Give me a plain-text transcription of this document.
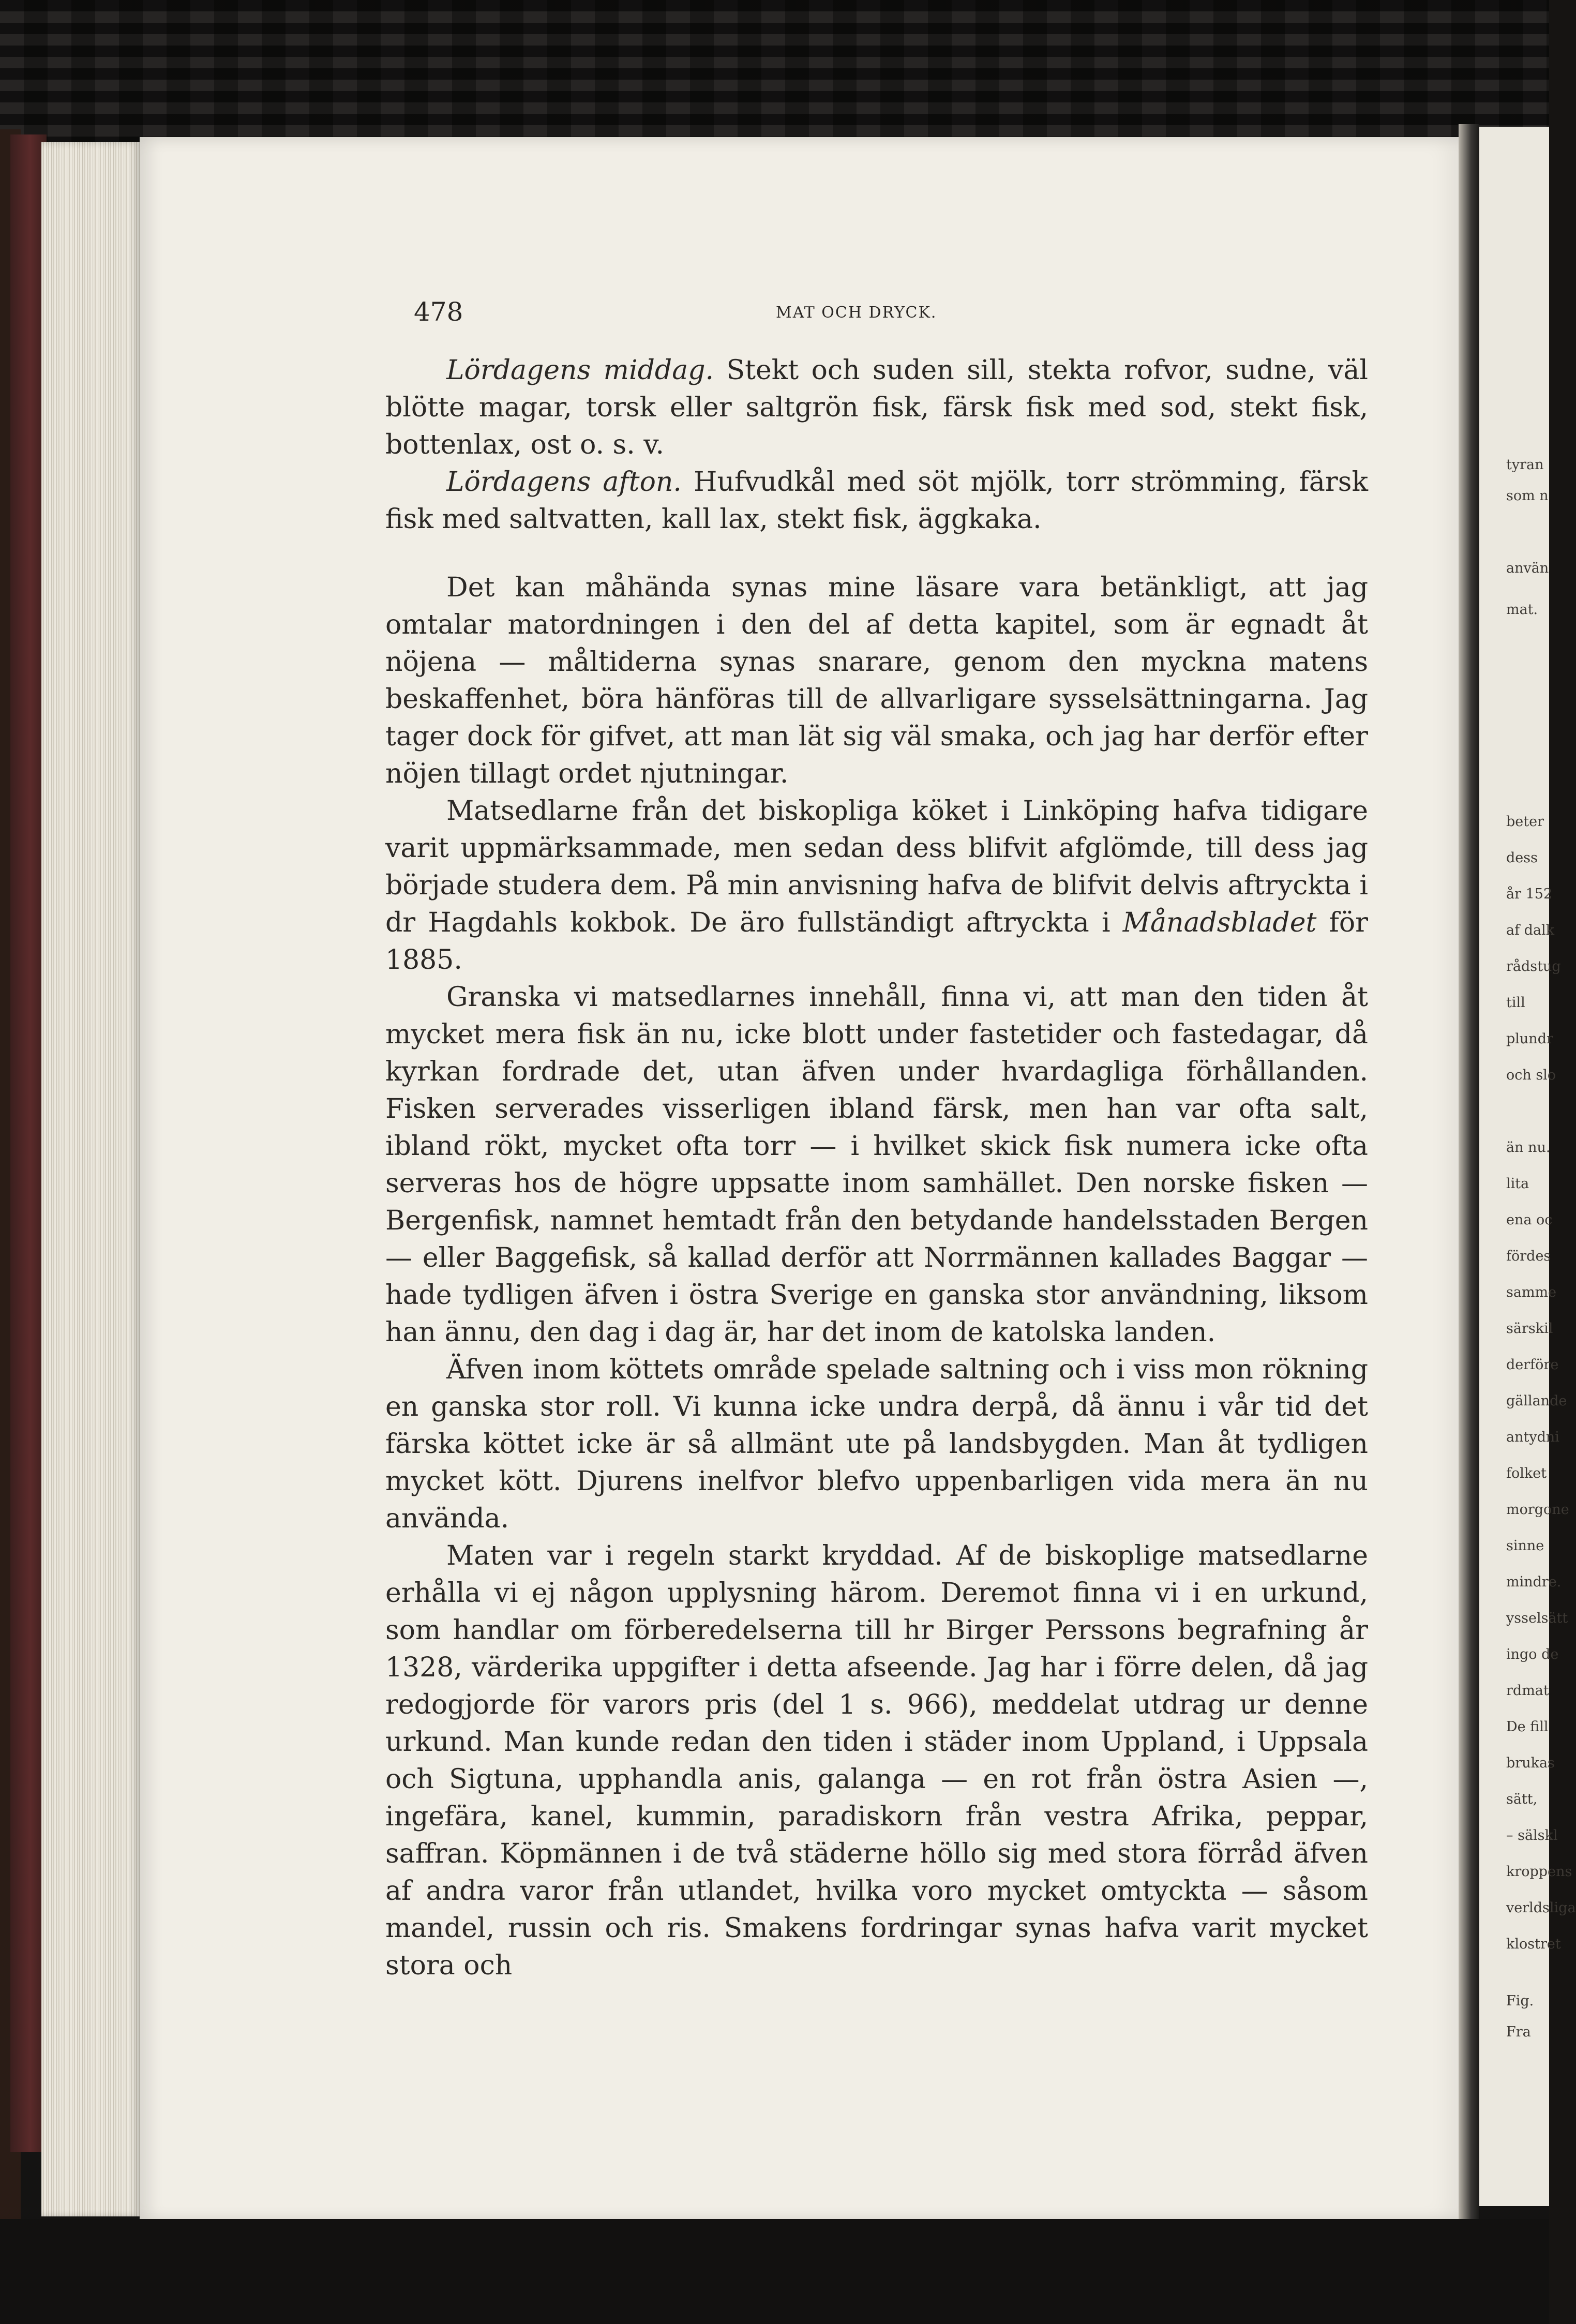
tyran
som n
använ
mat.
beter
dess
år 152
af dalk
rådstug
till
plundr
och slo
än nu.
lita
ena oc
fördes
samme
särskil
derföre
gällande
antydni
folket
morgone
sinne
mindre.
ysselsätt
ingo de
rdmat
De fill
brukas
sätt,
– sälskl
kroppens
verldsliga
klostret
Fig.
Fra
478	MAT OCH DRYCK.

Lördagens middag. Stekt och suden sill, stekta rofvor, sudne, väl blötte magar, torsk eller saltgrön fisk, färsk fisk med sod, stekt fisk, bottenlax, ost o. s. v.

Lördagens afton. Hufvudkål med söt mjölk, torr strömming, färsk fisk med saltvatten, kall lax, stekt fisk, äggkaka.

Det kan måhända synas mine läsare vara betänkligt, att jag omtalar matordningen i den del af detta kapitel, som är egnadt åt nöjena — måltiderna synas snarare, genom den myckna matens beskaffenhet, böra hänföras till de allvarligare sysselsättningarna. Jag tager dock för gifvet, att man lät sig väl smaka, och jag har derför efter nöjen tillagt ordet njutningar.

Matsedlarne från det biskopliga köket i Linköping hafva tidigare varit uppmärksammade, men sedan dess blifvit afglömde, till dess jag började studera dem. På min anvisning hafva de blifvit delvis aftryckta i dr Hagdahls kokbok. De äro fullständigt aftryckta i Månadsbladet för 1885.

Granska vi matsedlarnes innehåll, finna vi, att man den tiden åt mycket mera fisk än nu, icke blott under fastetider och fastedagar, då kyrkan fordrade det, utan äfven under hvardagliga förhållanden. Fisken serverades visserligen ibland färsk, men han var ofta salt, ibland rökt, mycket ofta torr — i hvilket skick fisk numera icke ofta serveras hos de högre uppsatte inom samhället. Den norske fisken — Bergenfisk, namnet hemtadt från den betydande handelsstaden Bergen — eller Baggefisk, så kallad derför att Norrmännen kallades Baggar — hade tydligen äfven i östra Sverige en ganska stor användning, liksom han ännu, den dag i dag är, har det inom de katolska landen.

Äfven inom köttets område spelade saltning och i viss mon rökning en ganska stor roll. Vi kunna icke undra derpå, då ännu i vår tid det färska köttet icke är så allmänt ute på landsbygden. Man åt tydligen mycket kött. Djurens inelfvor blefvo uppenbarligen vida mera än nu använda.

Maten var i regeln starkt kryddad. Af de biskoplige matsedlarne erhålla vi ej någon upplysning härom. Deremot finna vi i en urkund, som handlar om förberedelserna till hr Birger Perssons begrafning år 1328, värderika uppgifter i detta afseende. Jag har i förre delen, då jag redogjorde för varors pris (del 1 s. 966), meddelat utdrag ur denne urkund. Man kunde redan den tiden i städer inom Uppland, i Uppsala och Sigtuna, upphandla anis, galanga — en rot från östra Asien —, ingefära, kanel, kummin, paradiskorn från vestra Afrika, peppar, saffran. Köpmännen i de två städerne höllo sig med stora förråd äfven af andra varor från utlandet, hvilka voro mycket omtyckta — såsom mandel, russin och ris. Smakens fordringar synas hafva varit mycket stora och
